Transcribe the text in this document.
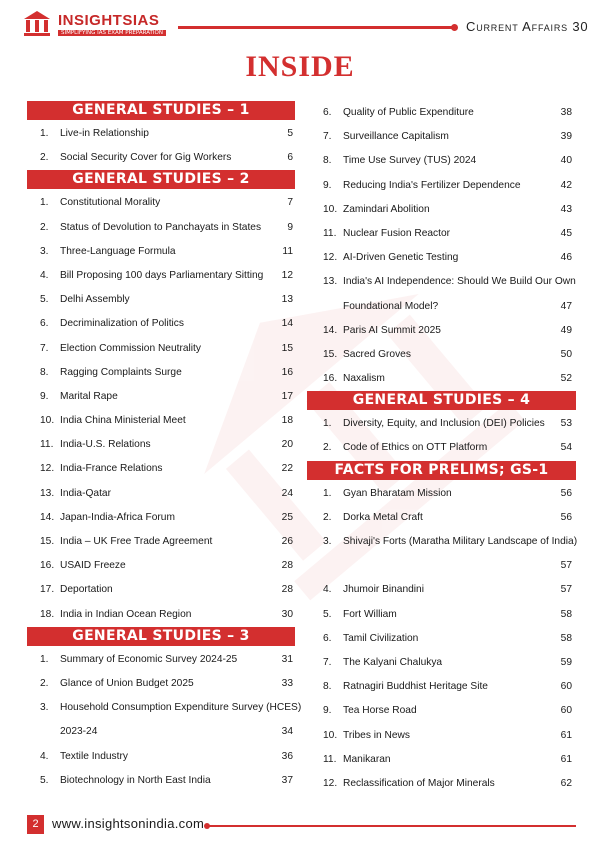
INSIGHTSIAS
SIMPLIFYING IAS EXAM PREPARATION	Current Affairs 30
INSIDE
GENERAL STUDIES – 1
1. Live-in Relationship	5
2. Social Security Cover for Gig Workers	6
GENERAL STUDIES – 2
1. Constitutional Morality	7
2. Status of Devolution to Panchayats in States	9
3. Three-Language Formula	11
4. Bill Proposing 100 days Parliamentary Sitting 12
5. Delhi Assembly	13
6. Decriminalization of Politics	14
7. Election Commission Neutrality	15
8. Ragging Complaints Surge	16
9. Marital Rape	17
10. India China Ministerial Meet	18
11. India-U.S. Relations	20
12. India-France Relations	22
13. India-Qatar	24
14. Japan-India-Africa Forum	25
15. India – UK Free Trade Agreement	26
16. USAID Freeze	28
17. Deportation	28
18. India in Indian Ocean Region	30
GENERAL STUDIES – 3
1. Summary of Economic Survey 2024-25	31
2. Glance of Union Budget 2025	33
3. Household Consumption Expenditure Survey (HCES)
2023-24	34
4. Textile Industry	36
5. Biotechnology in North East India	37
6. Quality of Public Expenditure	38
7. Surveillance Capitalism	39
8. Time Use Survey (TUS) 2024	40
9. Reducing India's Fertilizer Dependence	42
10. Zamindari Abolition	43
11. Nuclear Fusion Reactor	45
12. AI-Driven Genetic Testing	46
13. India's AI Independence: Should We Build Our Own
Foundational Model?	47
14. Paris AI Summit 2025	49
15. Sacred Groves	50
16. Naxalism	52
GENERAL STUDIES – 4
1. Diversity, Equity, and Inclusion (DEI) Policies 53
2. Code of Ethics on OTT Platform	54
FACTS FOR PRELIMS; GS-1
1. Gyan Bharatam Mission	56
2. Dorka Metal Craft	56
3. Shivaji's Forts (Maratha Military Landscape of India)
57
4. Jhumoir Binandini	57
5. Fort William	58
6. Tamil Civilization	58
7. The Kalyani Chalukya	59
8. Ratnagiri Buddhist Heritage Site	60
9. Tea Horse Road	60
10. Tribes in News	61
11. Manikaran	61
12. Reclassification of Major Minerals	62
2	www.insightsonindia.com
